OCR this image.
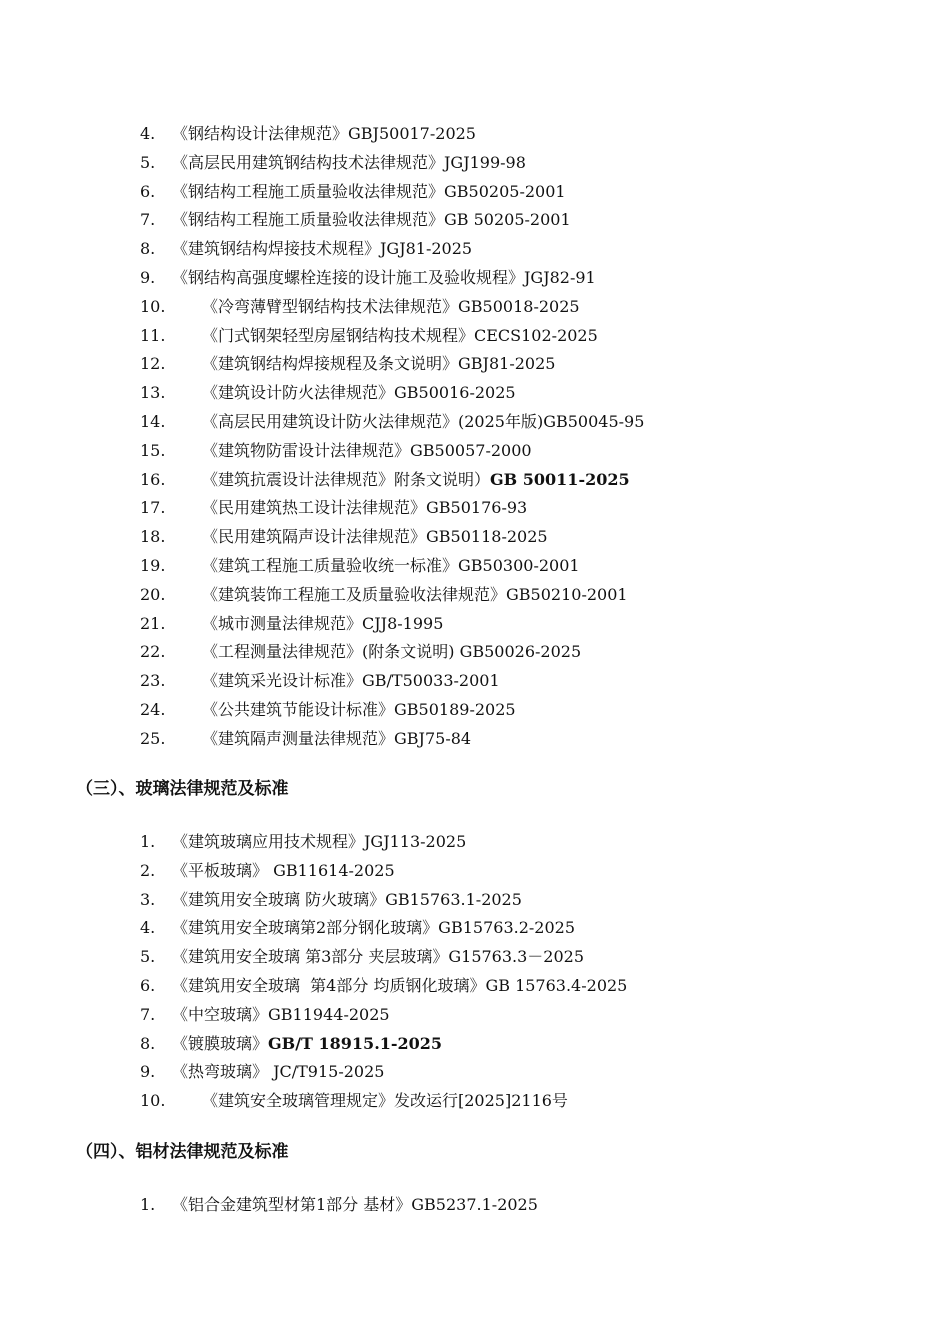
4.	《钢结构设计法律规范》GBJ50017-2025
5.	《高层民用建筑钢结构技术法律规范》JGJ199-98
6.	《钢结构工程施工质量验收法律规范》GB50205-2001
7.	《钢结构工程施工质量验收法律规范》GB 50205-2001
8.	《建筑钢结构焊接技术规程》JGJ81-2025
9.	《钢结构高强度螺栓连接的设计施工及验收规程》JGJ82-91
10.	《冷弯薄臂型钢结构技术法律规范》GB50018-2025
11.	《门式钢架轻型房屋钢结构技术规程》CECS102-2025
12.	《建筑钢结构焊接规程及条文说明》GBJ81-2025
13.	《建筑设计防火法律规范》GB50016-2025
14.	《高层民用建筑设计防火法律规范》(2025年版)GB50045-95
15.	《建筑物防雷设计法律规范》GB50057-2000
16.	《建筑抗震设计法律规范》附条文说明） GB 50011-2025
17.	《民用建筑热工设计法律规范》GB50176-93
18.	《民用建筑隔声设计法律规范》GB50118-2025
19.	《建筑工程施工质量验收统一标准》GB50300-2001
20.	《建筑装饰工程施工及质量验收法律规范》GB50210-2001
21.	《城市测量法律规范》CJJ8-1995
22.	《工程测量法律规范》(附条文说明) GB50026-2025
23.	《建筑采光设计标准》GB/T50033-2001
24.	《公共建筑节能设计标准》GB50189-2025
25.	《建筑隔声测量法律规范》GBJ75-84
（三）、玻璃法律规范及标准
1.	《建筑玻璃应用技术规程》JGJ113-2025
2.	《平板玻璃》 GB11614-2025
3.	《建筑用安全玻璃 防火玻璃》GB15763.1-2025
4.	《建筑用安全玻璃第2部分钢化玻璃》GB15763.2-2025
5.	《建筑用安全玻璃 第3部分 夹层玻璃》G15763.3－2025
6.	《建筑用安全玻璃  第4部分 均质钢化玻璃》GB 15763.4-2025
7.	《中空玻璃》GB11944-2025
8.	《镀膜玻璃》 GB/T 18915.1-2025
9.	《热弯玻璃》 JC/T915-2025
10.	《建筑安全玻璃管理规定》发改运行[2025]2116号
（四）、铝材法律规范及标准
1.	《铝合金建筑型材第1部分 基材》GB5237.1-2025
